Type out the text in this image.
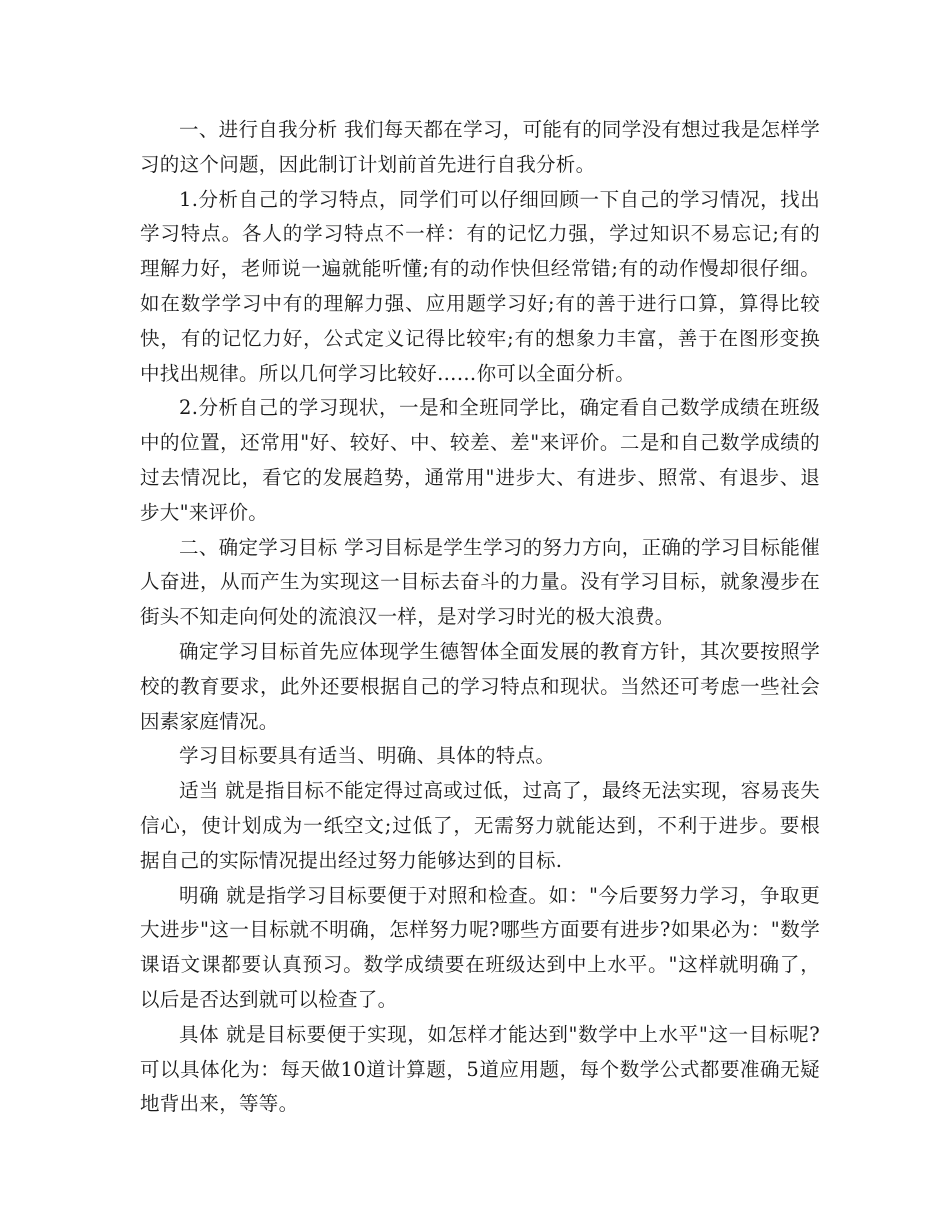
一、进行自我分析 我们每天都在学习，可能有的同学没有想过我是怎样学习的这个问题，因此制订计划前首先进行自我分析。

1.分析自己的学习特点，同学们可以仔细回顾一下自己的学习情况，找出学习特点。各人的学习特点不一样：有的记忆力强，学过知识不易忘记;有的理解力好，老师说一遍就能听懂;有的动作快但经常错;有的动作慢却很仔细。如在数学学习中有的理解力强、应用题学习好;有的善于进行口算，算得比较快，有的记忆力好，公式定义记得比较牢;有的想象力丰富，善于在图形变换中找出规律。所以几何学习比较好……你可以全面分析。

2.分析自己的学习现状，一是和全班同学比，确定看自己数学成绩在班级中的位置，还常用"好、较好、中、较差、差"来评价。二是和自己数学成绩的过去情况比，看它的发展趋势，通常用"进步大、有进步、照常、有退步、退步大"来评价。

二、确定学习目标 学习目标是学生学习的努力方向，正确的学习目标能催人奋进，从而产生为实现这一目标去奋斗的力量。没有学习目标，就象漫步在街头不知走向何处的流浪汉一样，是对学习时光的极大浪费。

确定学习目标首先应体现学生德智体全面发展的教育方针，其次要按照学校的教育要求，此外还要根据自己的学习特点和现状。当然还可考虑一些社会因素家庭情况。

学习目标要具有适当、明确、具体的特点。

适当 就是指目标不能定得过高或过低，过高了，最终无法实现，容易丧失信心，使计划成为一纸空文;过低了，无需努力就能达到，不利于进步。要根据自己的实际情况提出经过努力能够达到的目标.

明确 就是指学习目标要便于对照和检查。如："今后要努力学习，争取更大进步"这一目标就不明确，怎样努力呢?哪些方面要有进步?如果必为："数学课语文课都要认真预习。数学成绩要在班级达到中上水平。"这样就明确了，以后是否达到就可以检查了。

具体 就是目标要便于实现，如怎样才能达到"数学中上水平"这一目标呢?可以具体化为：每天做10道计算题，5道应用题，每个数学公式都要准确无疑地背出来，等等。
